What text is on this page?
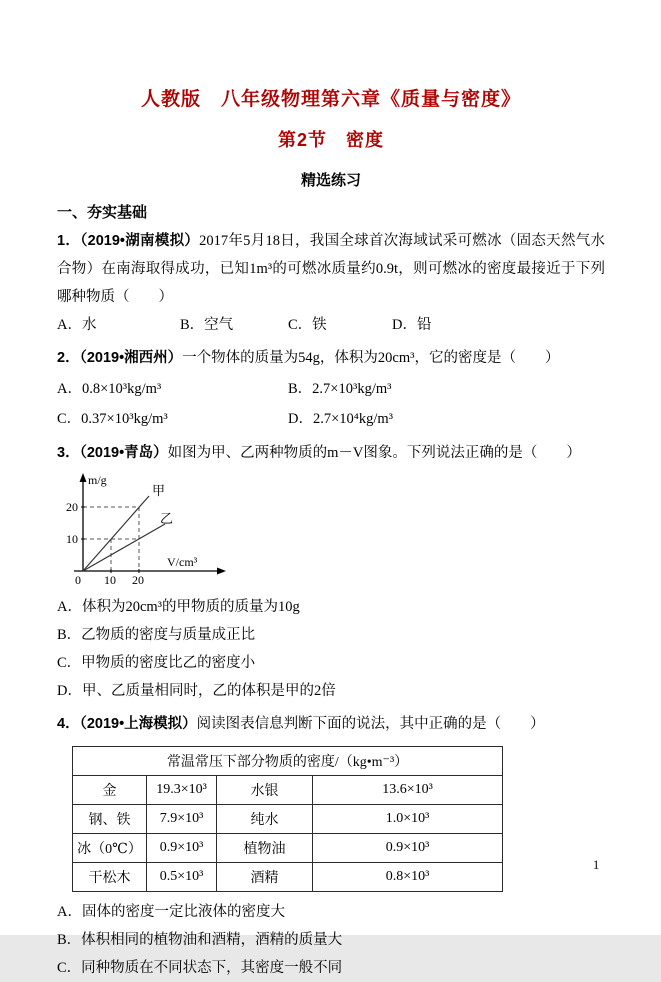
人教版　八年级物理第六章《质量与密度》
第2节　密度
精选练习
一、夯实基础
1．（2019•湖南模拟）2017年5月18日，我国全球首次海域试采可燃冰（固态天然气水合物）在南海取得成功，已知1m³的可燃冰质量约0.9t，则可燃冰的密度最接近于下列哪种物质（　　）
A．水	B．空气	C．铁	D．铅
2．（2019•湘西州）一个物体的质量为54g，体积为20cm³，它的密度是（　　）
A．0.8×10³kg/m³	B．2.7×10³kg/m³
C．0.37×10³kg/m³	D．2.7×10⁴kg/m³
3．（2019•青岛）如图为甲、乙两种物质的m－V图象。下列说法正确的是（　　）
m/g
20
10
0 10 20
甲
乙
V/cm³
A．体积为20cm³的甲物质的质量为10g
B．乙物质的密度与质量成正比
C．甲物质的密度比乙的密度小
D．甲、乙质量相同时，乙的体积是甲的2倍
4．（2019•上海模拟）阅读图表信息判断下面的说法，其中正确的是（　　）
常温常压下部分物质的密度/（kg•m⁻³）			
金	19.3×10³	水银	13.6×10³
钢、铁	7.9×10³	纯水	1.0×10³
冰（0℃）	0.9×10³	植物油	0.9×10³
干松木	0.5×10³	酒精	0.8×10³
A．固体的密度一定比液体的密度大
B．体积相同的植物油和酒精，酒精的质量大
C．同种物质在不同状态下，其密度一般不同
1
